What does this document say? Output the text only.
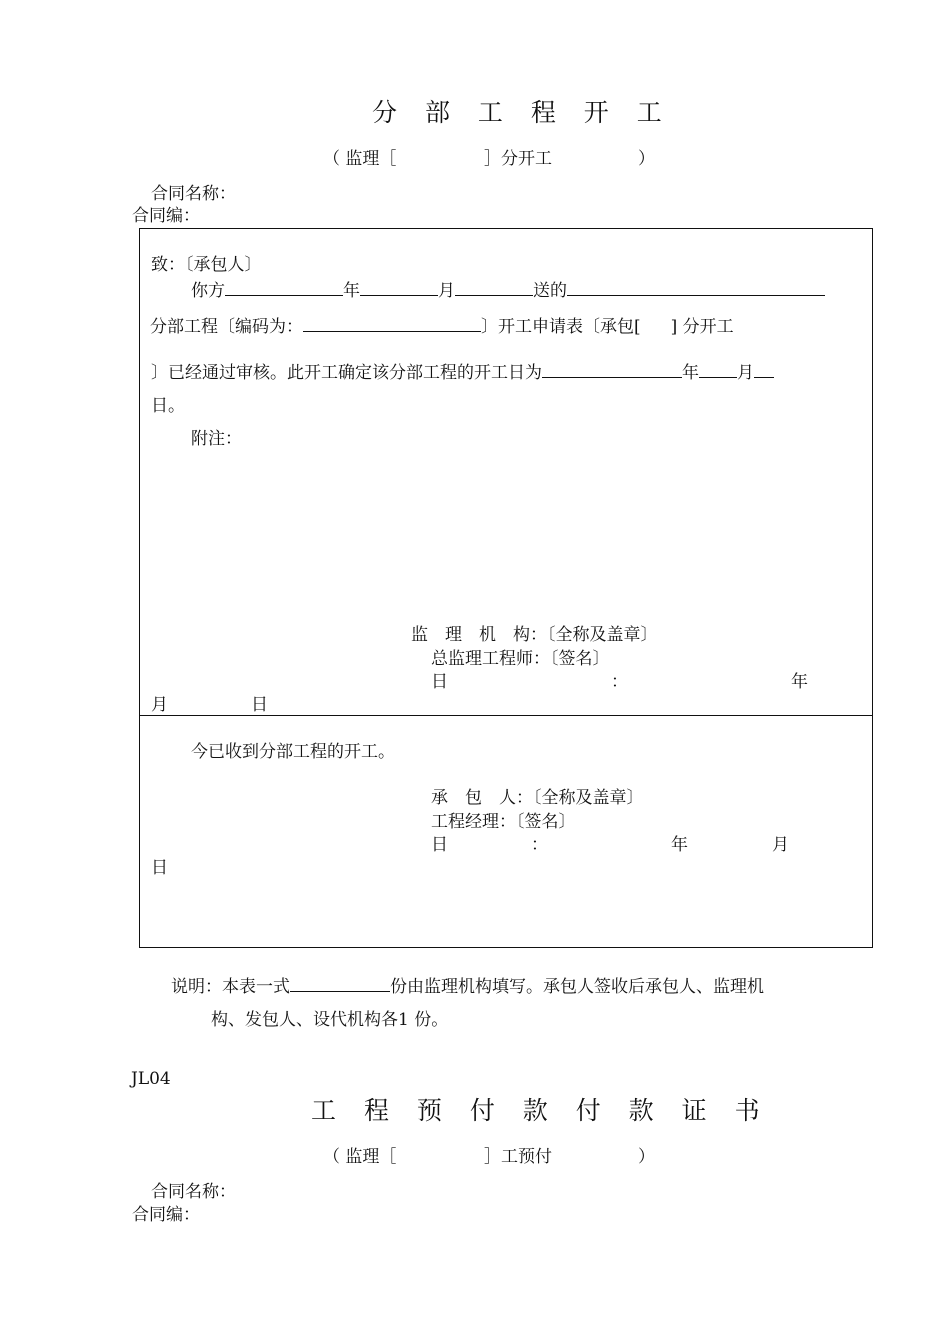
分 部 工 程 开 工
（ 监理［	］分开工	）
合同名称：
合同编：
致：〔承包人〕
你方	年	月	送的
分部工程〔编码为：	〕开工申请表〔承包[ ] 分开工
〕已经通过审核。此开工确定该分部工程的开工日为	年 月
日。
附注：
监　理　机　构：〔全称及盖章〕
总监理工程师：〔签名〕
日	：	年
月	日
今已收到分部工程的开工。
承　包　人：〔全称及盖章〕
工程经理：〔签名〕
日	：	年	月
日
说明：本表一式	份由监理机构填写。承包人签收后承包人、监理机
构、发包人、设代机构各1 份。
JL04
工 程 预 付 款 付 款 证 书
（ 监理［	］工预付	）
合同名称：
合同编：
